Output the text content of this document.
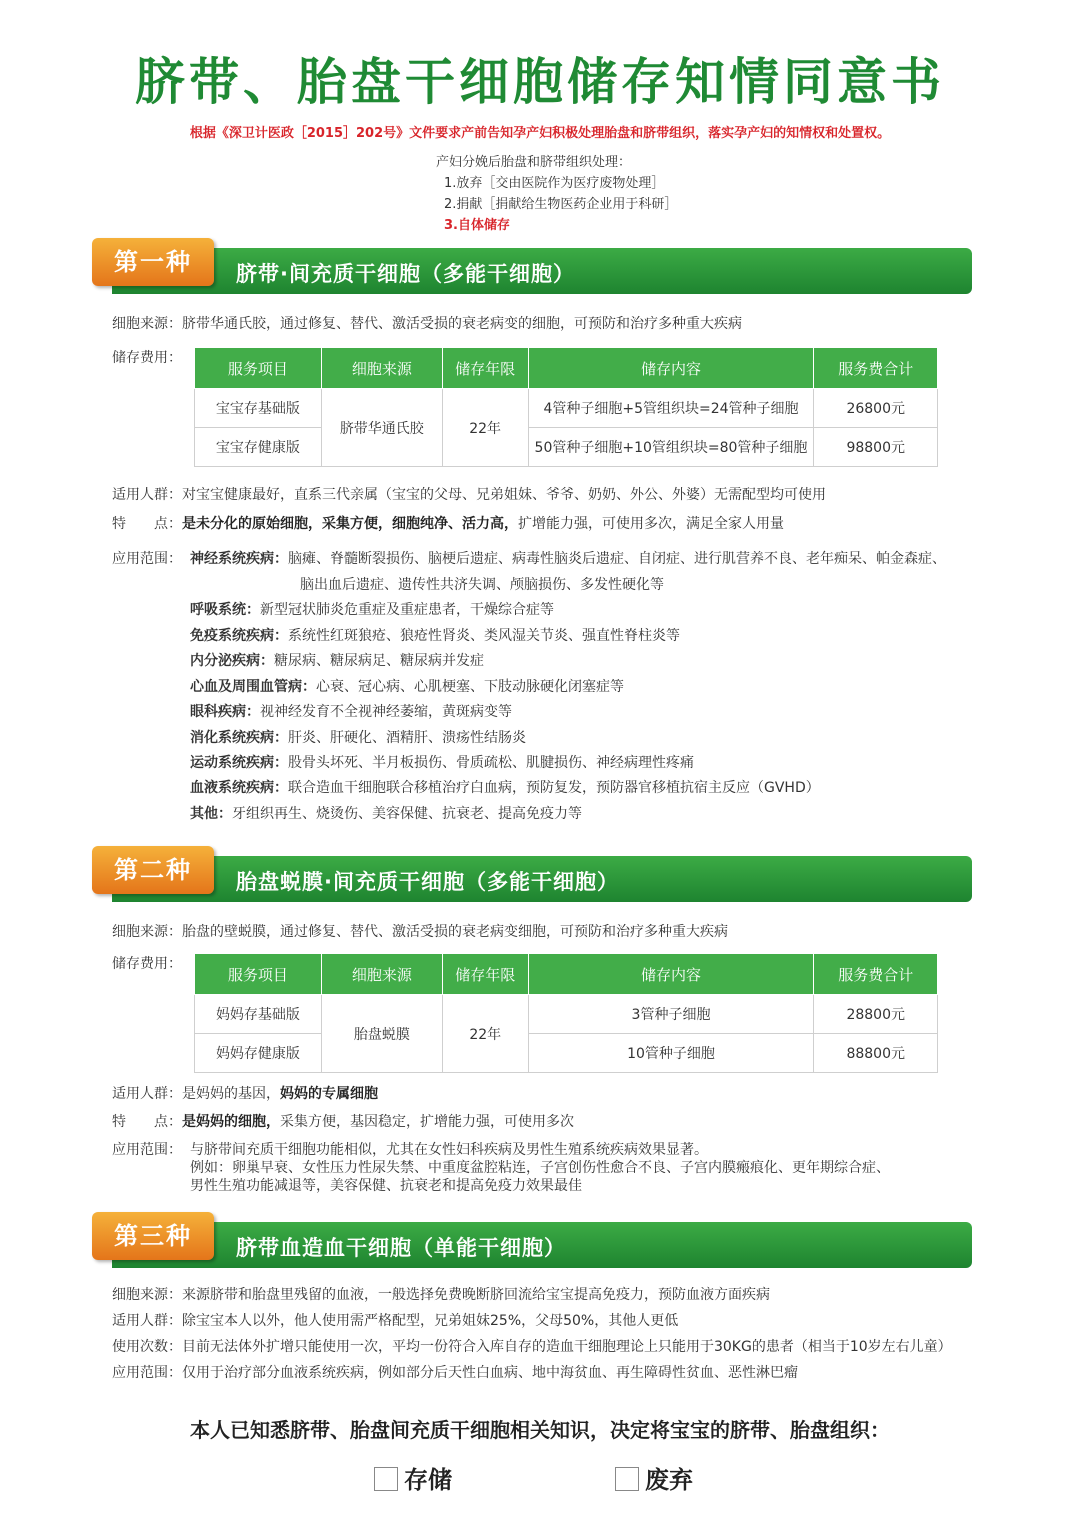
脐带、胎盘干细胞储存知情同意书
根据《深卫计医政［2015］202号》文件要求产前告知孕产妇积极处理胎盘和脐带组织，落实孕产妇的知情权和处置权。
产妇分娩后胎盘和脐带组织处理：
1.放弃［交由医院作为医疗废物处理］
2.捐献［捐献给生物医药企业用于科研］
3.自体储存
脐带·间充质干细胞（多能干细胞）
第一种
细胞来源：脐带华通氏胶，通过修复、替代、激活受损的衰老病变的细胞，可预防和治疗多种重大疾病
储存费用：
服务项目	细胞来源	储存年限	储存内容	服务费合计
宝宝存基础版	脐带华通氏胶	22年	4管种子细胞+5管组织块=24管种子细胞	26800元
宝宝存健康版			50管种子细胞+10管组织块=80管种子细胞	98800元
适用人群：对宝宝健康最好，直系三代亲属（宝宝的父母、兄弟姐妹、爷爷、奶奶、外公、外婆）无需配型均可使用
特　　点：是未分化的原始细胞，采集方便，细胞纯净、活力高，扩增能力强，可使用多次，满足全家人用量
应用范围： 神经系统疾病：脑瘫、脊髓断裂损伤、脑梗后遗症、病毒性脑炎后遗症、自闭症、进行肌营养不良、老年痴呆、帕金森症、
脑出血后遗症、遗传性共济失调、颅脑损伤、多发性硬化等
呼吸系统：新型冠状肺炎危重症及重症患者，干燥综合症等
免疫系统疾病：系统性红斑狼疮、狼疮性肾炎、类风湿关节炎、强直性脊柱炎等
内分泌疾病：糖尿病、糖尿病足、糖尿病并发症
心血及周围血管病：心衰、冠心病、心肌梗塞、下肢动脉硬化闭塞症等
眼科疾病：视神经发育不全视神经萎缩，黄斑病变等
消化系统疾病：肝炎、肝硬化、酒精肝、溃疡性结肠炎
运动系统疾病：股骨头坏死、半月板损伤、骨质疏松、肌腱损伤、神经病理性疼痛
血液系统疾病：联合造血干细胞联合移植治疗白血病，预防复发，预防器官移植抗宿主反应（GVHD）
其他：牙组织再生、烧烫伤、美容保健、抗衰老、提高免疫力等
胎盘蜕膜·间充质干细胞（多能干细胞）
第二种
细胞来源：胎盘的壁蜕膜，通过修复、替代、激活受损的衰老病变细胞，可预防和治疗多种重大疾病
储存费用：
服务项目	细胞来源	储存年限	储存内容	服务费合计
妈妈存基础版	胎盘蜕膜	22年	3管种子细胞	28800元
妈妈存健康版			10管种子细胞	88800元
适用人群：是妈妈的基因，妈妈的专属细胞
特　　点：是妈妈的细胞，采集方便，基因稳定，扩增能力强，可使用多次
应用范围： 与脐带间充质干细胞功能相似，尤其在女性妇科疾病及男性生殖系统疾病效果显著。
例如：卵巢早衰、女性压力性尿失禁、中重度盆腔粘连，子宫创伤性愈合不良、子宫内膜瘢痕化、更年期综合症、
男性生殖功能减退等，美容保健、抗衰老和提高免疫力效果最佳
脐带血造血干细胞（单能干细胞）
第三种
细胞来源：来源脐带和胎盘里残留的血液，一般选择免费晚断脐回流给宝宝提高免疫力，预防血液方面疾病
适用人群：除宝宝本人以外，他人使用需严格配型，兄弟姐妹25%，父母50%，其他人更低
使用次数：目前无法体外扩增只能使用一次，平均一份符合入库自存的造血干细胞理论上只能用于30KG的患者（相当于10岁左右儿童）
应用范围：仅用于治疗部分血液系统疾病，例如部分后天性白血病、地中海贫血、再生障碍性贫血、恶性淋巴瘤
本人已知悉脐带、胎盘间充质干细胞相关知识，决定将宝宝的脐带、胎盘组织：
存储	废弃
